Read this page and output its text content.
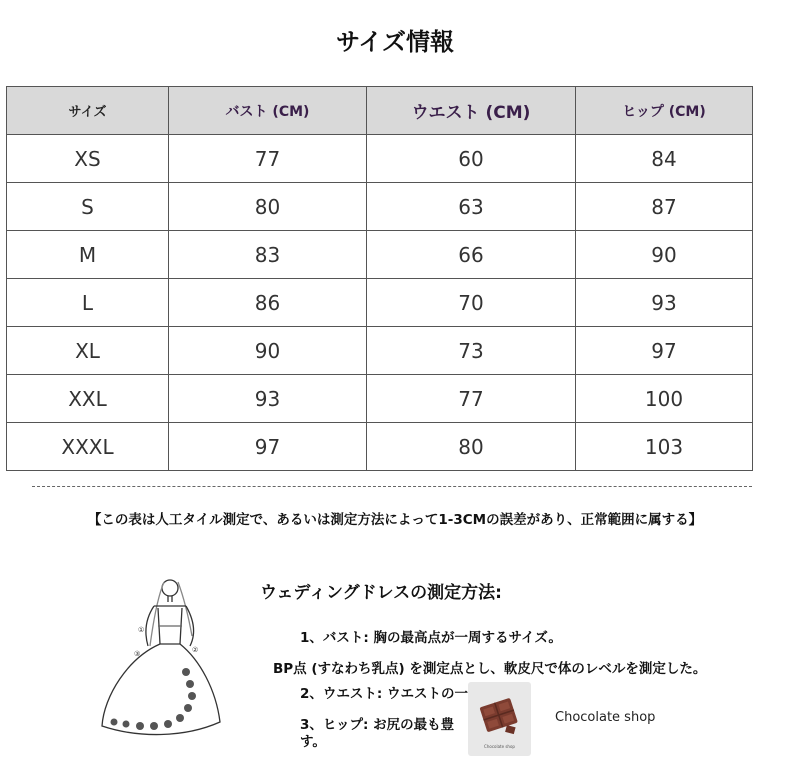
サイズ情報
サイズ	バスト (CM)	ウエスト (CM)	ヒップ (CM)
XS	77	60	84
S	80	63	87
M	83	66	90
L	86	70	93
XL	90	73	97
XXL	93	77	100
XXXL	97	80	103
【この表は人工タイル測定で、あるいは測定方法によって1-3CMの誤差があり、正常範囲に属する】
①
②
③
ウェディングドレスの測定方法:
1、バスト: 胸の最高点が一周するサイズ。
BP点 (すなわち乳点) を測定点とし、軟皮尺で体のレベルを測定した。
2、ウエスト: ウエストの一
3、ヒップ: お尻の最も豊
す。	Chocolate shop
Chocolate shop
